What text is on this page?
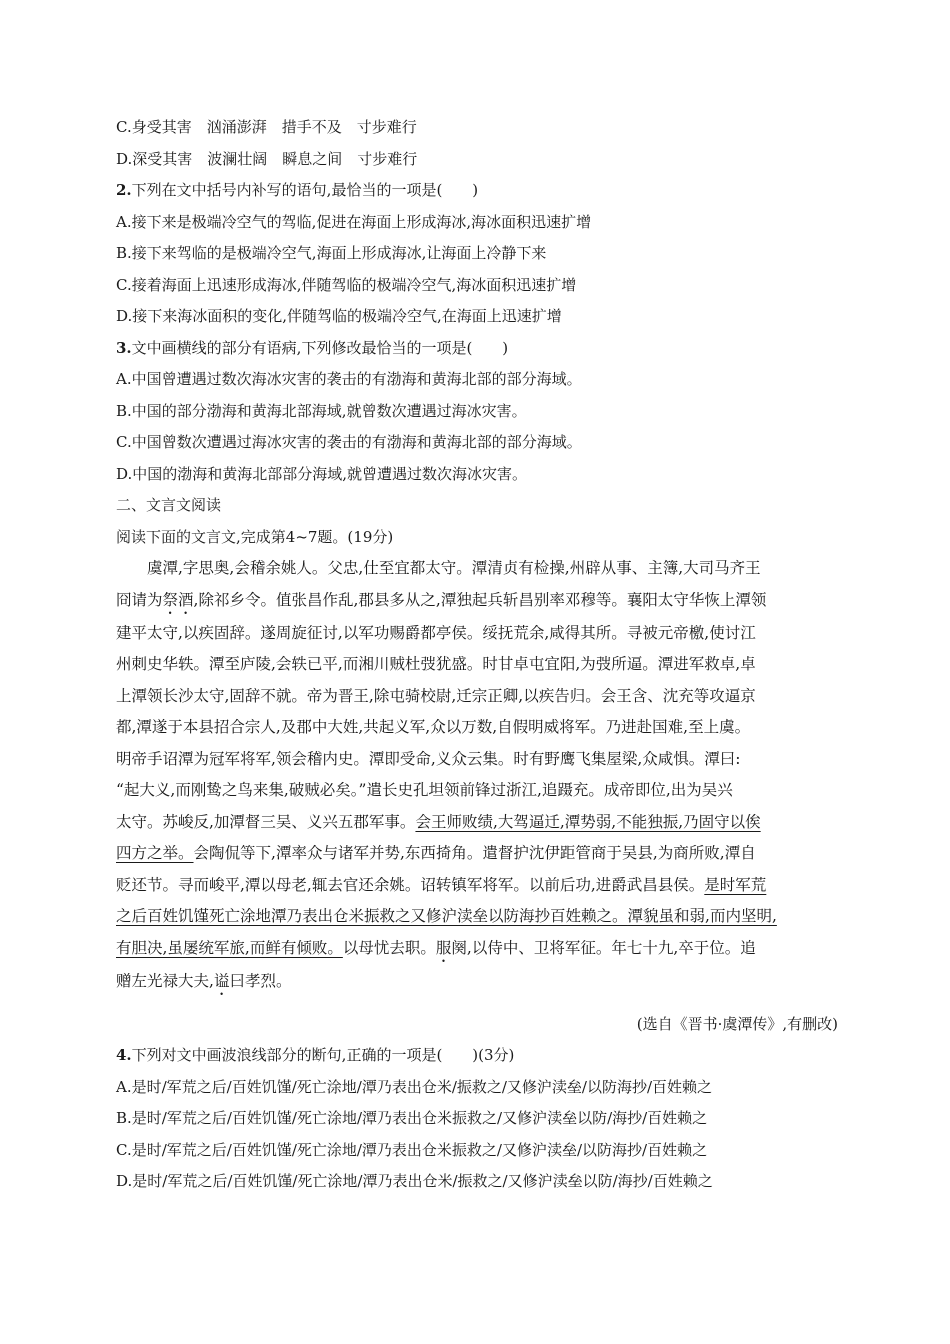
C.身受其害　汹涌澎湃　措手不及　寸步难行

D.深受其害　波澜壮阔　瞬息之间　寸步难行

2.下列在文中括号内补写的语句,最恰当的一项是(　　)

A.接下来是极端冷空气的驾临,促进在海面上形成海冰,海冰面积迅速扩增

B.接下来驾临的是极端冷空气,海面上形成海冰,让海面上冷静下来

C.接着海面上迅速形成海冰,伴随驾临的极端冷空气,海冰面积迅速扩增

D.接下来海冰面积的变化,伴随驾临的极端冷空气,在海面上迅速扩增

3.文中画横线的部分有语病,下列修改最恰当的一项是(　　)

A.中国曾遭遇过数次海冰灾害的袭击的有渤海和黄海北部的部分海域。

B.中国的部分渤海和黄海北部海域,就曾数次遭遇过海冰灾害。

C.中国曾数次遭遇过海冰灾害的袭击的有渤海和黄海北部的部分海域。

D.中国的渤海和黄海北部部分海域,就曾遭遇过数次海冰灾害。

二、文言文阅读

阅读下面的文言文,完成第4~7题。(19分)

虞潭,字思奥,会稽余姚人。父忠,仕至宜都太守。潭清贞有检操,州辟从事、主簿,大司马齐王

冏请为祭酒,除祁乡令。值张昌作乱,郡县多从之,潭独起兵斩昌别率邓穆等。襄阳太守华恢上潭领

建平太守,以疾固辞。遂周旋征讨,以军功赐爵都亭侯。绥抚荒余,咸得其所。寻被元帝檄,使讨江

州刺史华轶。潭至庐陵,会轶已平,而湘川贼杜弢犹盛。时甘卓屯宜阳,为弢所逼。潭进军救卓,卓

上潭领长沙太守,固辞不就。帝为晋王,除屯骑校尉,迁宗正卿,以疾告归。会王含、沈充等攻逼京

都,潭遂于本县招合宗人,及郡中大姓,共起义军,众以万数,自假明威将军。乃进赴国难,至上虞。

明帝手诏潭为冠军将军,领会稽内史。潭即受命,义众云集。时有野鹰飞集屋梁,众咸惧。潭曰:

“起大义,而刚鸷之鸟来集,破贼必矣。”遣长史孔坦领前锋过浙江,追蹑充。成帝即位,出为吴兴

太守。苏峻反,加潭督三吴、义兴五郡军事。会王师败绩,大驾逼迁,潭势弱,不能独振,乃固守以俟

四方之举。会陶侃等下,潭率众与诸军并势,东西掎角。遣督护沈伊距管商于吴县,为商所败,潭自

贬还节。寻而峻平,潭以母老,辄去官还余姚。诏转镇军将军。以前后功,进爵武昌县侯。是时军荒

之后百姓饥馑死亡涂地潭乃表出仓米振救之又修沪渎垒以防海抄百姓赖之。潭貌虽和弱,而内坚明,

有胆决,虽屡统军旅,而鲜有倾败。以母忧去职。服阕,以侍中、卫将军征。年七十九,卒于位。追

赠左光禄大夫,谥曰孝烈。

(选自《晋书·虞潭传》,有删改)

4.下列对文中画波浪线部分的断句,正确的一项是(　　)(3分)

A.是时/军荒之后/百姓饥馑/死亡涂地/潭乃表出仓米/振救之/又修沪渎垒/以防海抄/百姓赖之

B.是时/军荒之后/百姓饥馑/死亡涂地/潭乃表出仓米振救之/又修沪渎垒以防/海抄/百姓赖之

C.是时/军荒之后/百姓饥馑/死亡涂地/潭乃表出仓米振救之/又修沪渎垒/以防海抄/百姓赖之

D.是时/军荒之后/百姓饥馑/死亡涂地/潭乃表出仓米/振救之/又修沪渎垒以防/海抄/百姓赖之
